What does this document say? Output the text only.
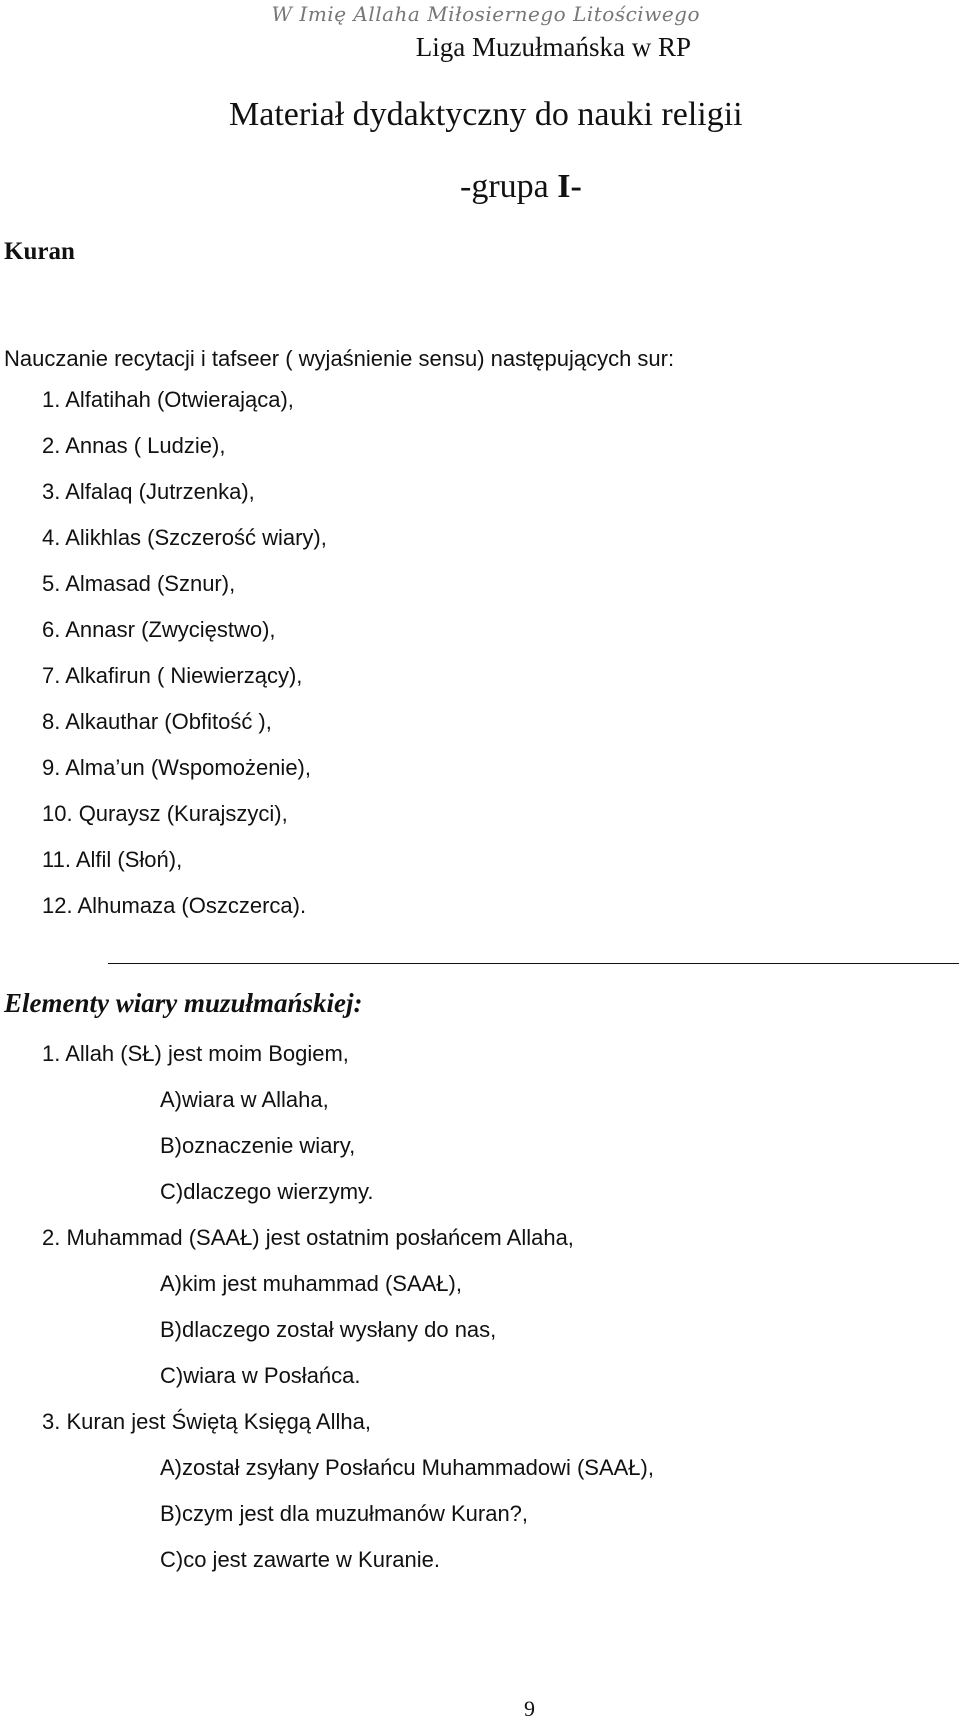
W Imię Allaha Miłosiernego Litościwego
Liga Muzułmańska w RP
Materiał dydaktyczny do nauki religii
-grupa I-
Kuran
Nauczanie recytacji i tafseer ( wyjaśnienie sensu) następujących sur:
1. Alfatihah (Otwierająca),
2. Annas ( Ludzie),
3. Alfalaq (Jutrzenka),
4. Alikhlas (Szczerość wiary),
5. Almasad (Sznur),
6. Annasr (Zwycięstwo),
7. Alkafirun ( Niewierzący),
8. Alkauthar (Obfitość ),
9. Alma’un (Wspomożenie),
10. Quraysz (Kurajszyci),
11. Alfil (Słoń),
12. Alhumaza (Oszczerca).
Elementy wiary muzułmańskiej:
1. Allah (SŁ) jest moim Bogiem,
A)wiara w Allaha,
B)oznaczenie wiary,
C)dlaczego wierzymy.
2. Muhammad (SAAŁ) jest ostatnim posłańcem Allaha,
A)kim jest muhammad (SAAŁ),
B)dlaczego został wysłany do nas,
C)wiara w Posłańca.
3. Kuran jest Świętą Księgą Allha,
A)został zsyłany Posłańcu Muhammadowi (SAAŁ),
B)czym jest dla muzułmanów Kuran?,
C)co jest zawarte w Kuranie.
9
